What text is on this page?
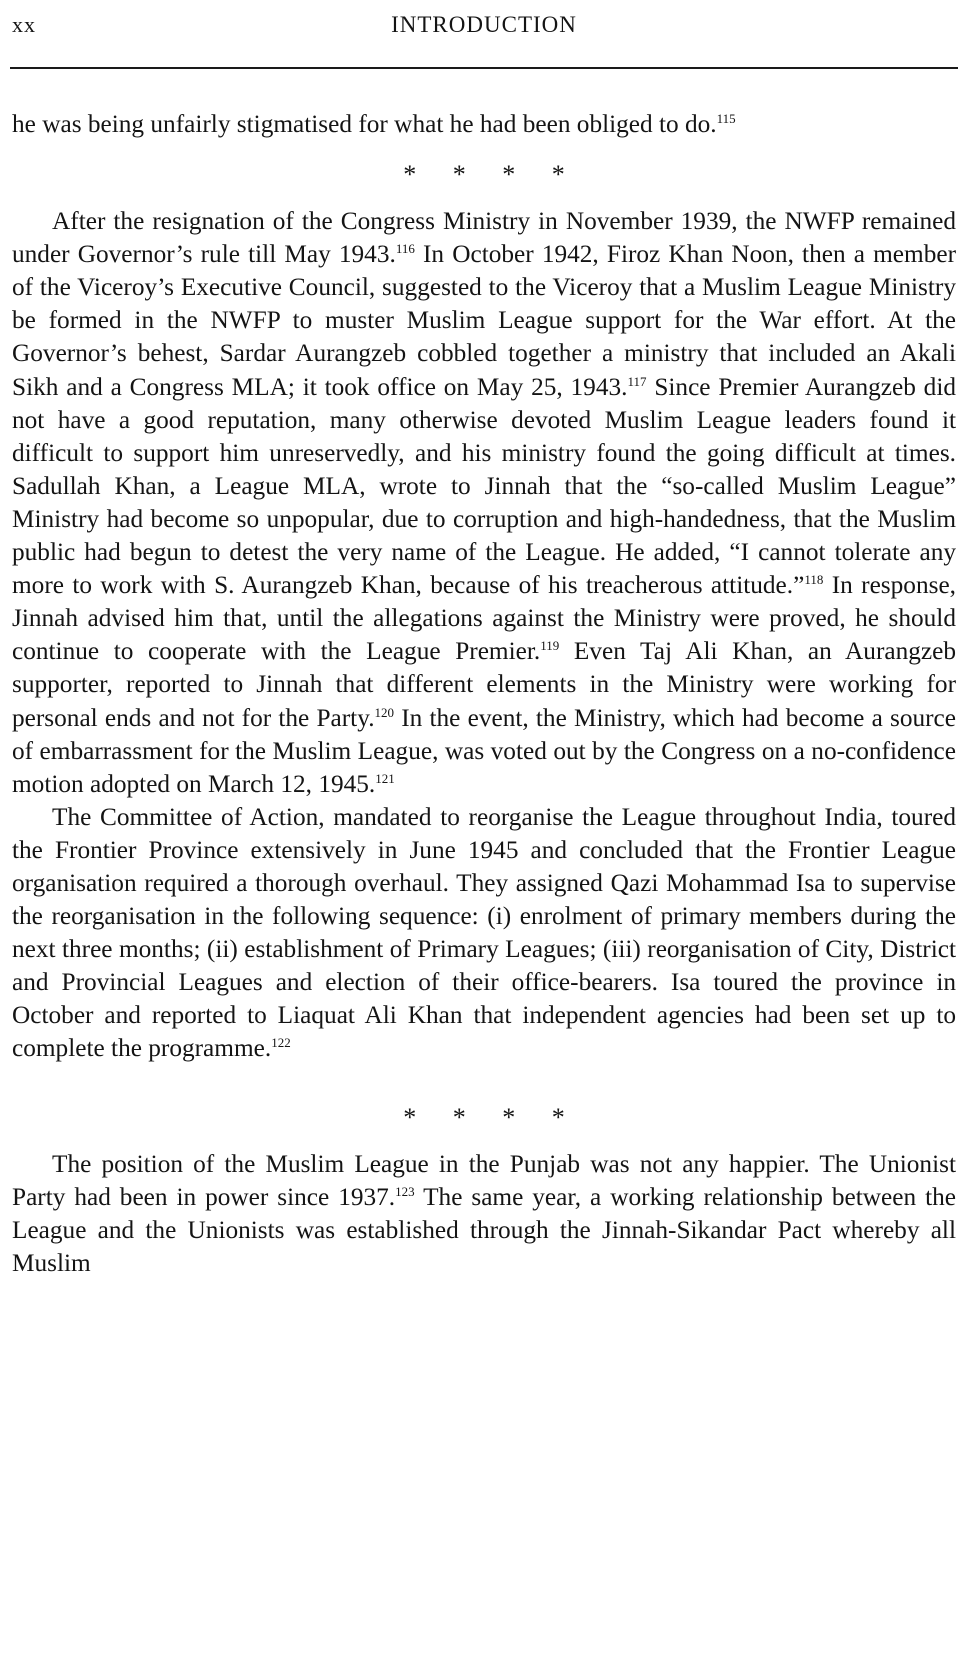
xx	INTRODUCTION

he was being unfairly stigmatised for what he had been obliged to do.$^{115}$

* * * *

After the resignation of the Congress Ministry in November 1939, the NWFP remained under Governor’s rule till May 1943.$^{116}$ In October 1942, Firoz Khan Noon, then a member of the Viceroy’s Executive Council, suggested to the Viceroy that a Muslim League Ministry be formed in the NWFP to muster Muslim League support for the War effort. At the Governor’s behest, Sardar Aurangzeb cobbled together a ministry that included an Akali Sikh and a Congress MLA; it took office on May 25, 1943.$^{117}$ Since Premier Aurangzeb did not have a good reputation, many otherwise devoted Muslim League leaders found it difficult to support him unreservedly, and his ministry found the going difficult at times. Sadullah Khan, a League MLA, wrote to Jinnah that the “so-called Muslim League” Ministry had become so unpopular, due to corruption and high-handedness, that the Muslim public had begun to detest the very name of the League. He added, “I cannot tolerate any more to work with S. Aurangzeb Khan, because of his treacherous attitude.”$^{118}$ In response, Jinnah advised him that, until the allegations against the Ministry were proved, he should continue to cooperate with the League Premier.$^{119}$ Even Taj Ali Khan, an Aurangzeb supporter, reported to Jinnah that different elements in the Ministry were working for personal ends and not for the Party.$^{120}$ In the event, the Ministry, which had become a source of embarrassment for the Muslim League, was voted out by the Congress on a no-confidence motion adopted on March 12, 1945.$^{121}$

The Committee of Action, mandated to reorganise the League throughout India, toured the Frontier Province extensively in June 1945 and concluded that the Frontier League organisation required a thorough overhaul. They assigned Qazi Mohammad Isa to supervise the reorganisation in the following sequence: (i) enrolment of primary members during the next three months; (ii) establishment of Primary Leagues; (iii) reorganisation of City, District and Provincial Leagues and election of their office-bearers. Isa toured the province in October and reported to Liaquat Ali Khan that independent agencies had been set up to complete the programme.$^{122}$

* * * *

The position of the Muslim League in the Punjab was not any happier. The Unionist Party had been in power since 1937.$^{123}$ The same year, a working relationship between the League and the Unionists was established through the Jinnah-Sikandar Pact whereby all Muslim
